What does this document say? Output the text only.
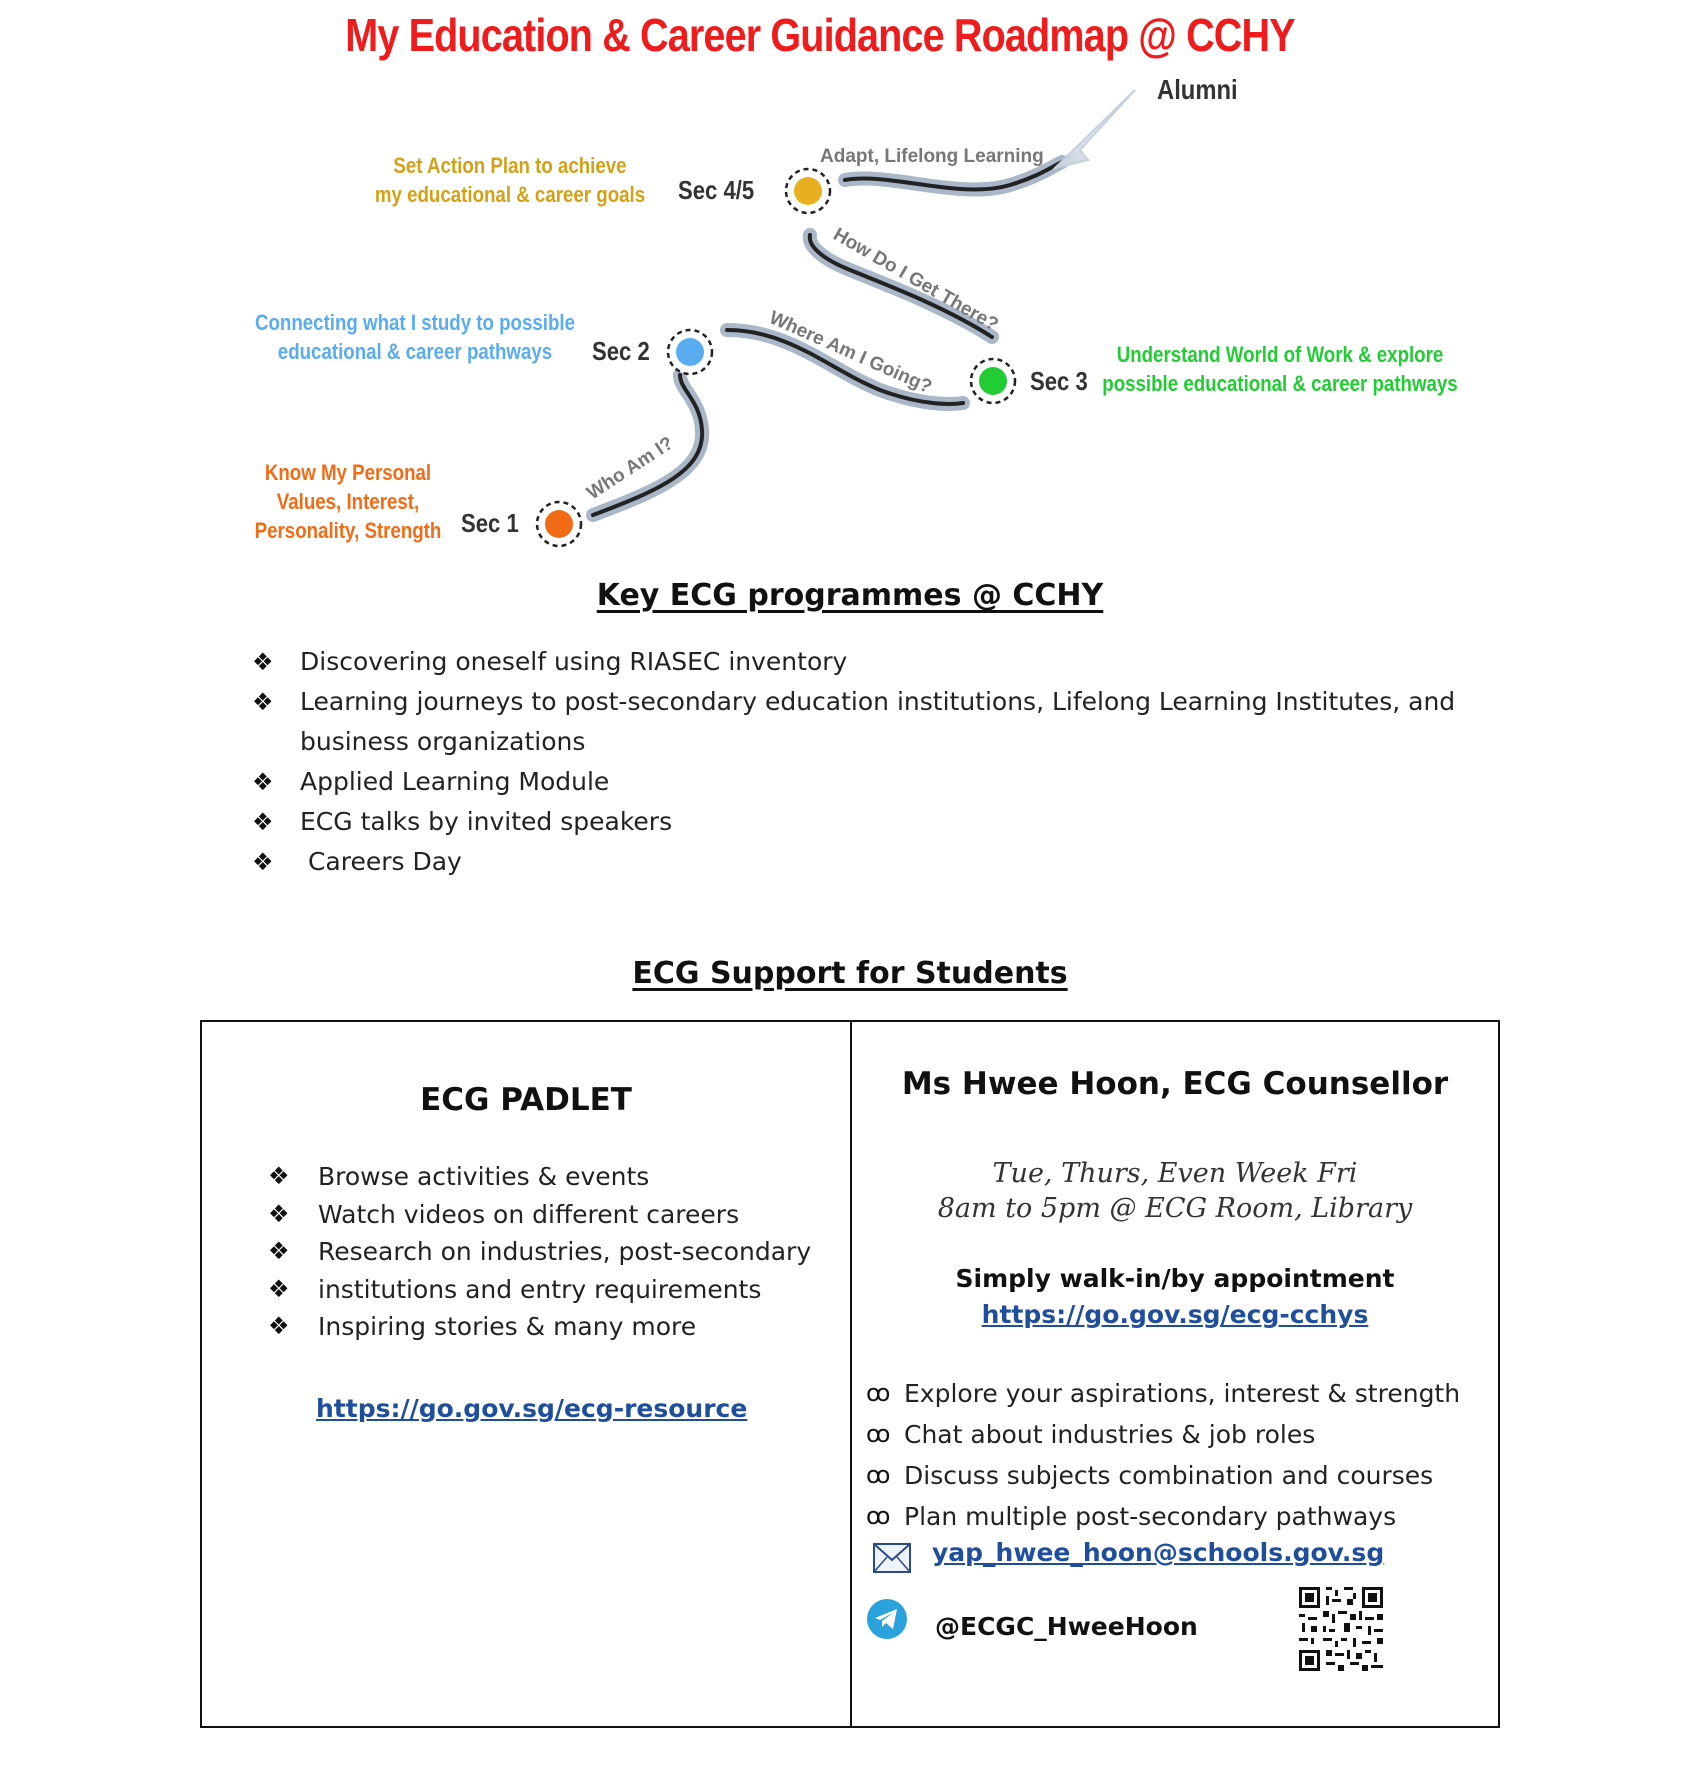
My Education & Career Guidance Roadmap @ CCHY
Who Am I?
Where Am I Going?
How Do I Get There?
Adapt, Lifelong Learning
Alumni
Sec 1
Know My Personal
Values, Interest,
Personality, Strength
Sec 2
Connecting what I study to possible
educational & career pathways
Sec 3
Understand World of Work & explore
possible educational & career pathways
Sec 4/5
Set Action Plan to achieve
my educational & career goals
Key ECG programmes @ CCHY
❖ Discovering oneself using RIASEC inventory
❖ Learning journeys to post-secondary education institutions, Lifelong Learning Institutes, and
business organizations
❖ Applied Learning Module
❖ ECG talks by invited speakers
❖ Careers Day
ECG Support for Students
ECG PADLET
❖ Browse activities & events
❖ Watch videos on different careers
❖ Research on industries, post-secondary
❖ institutions and entry requirements
❖ Inspiring stories & many more
https://go.gov.sg/ecg-resource
Ms Hwee Hoon, ECG Counsellor
Tue, Thurs, Even Week Fri
8am to 5pm @ ECG Room, Library
Simply walk-in/by appointment
https://go.gov.sg/ecg-cchys
ꝏ Explore your aspirations, interest & strength
ꝏ Chat about industries & job roles
ꝏ Discuss subjects combination and courses
ꝏ Plan multiple post-secondary pathways
yap_hwee_hoon@schools.gov.sg
@ECGC_HweeHoon
